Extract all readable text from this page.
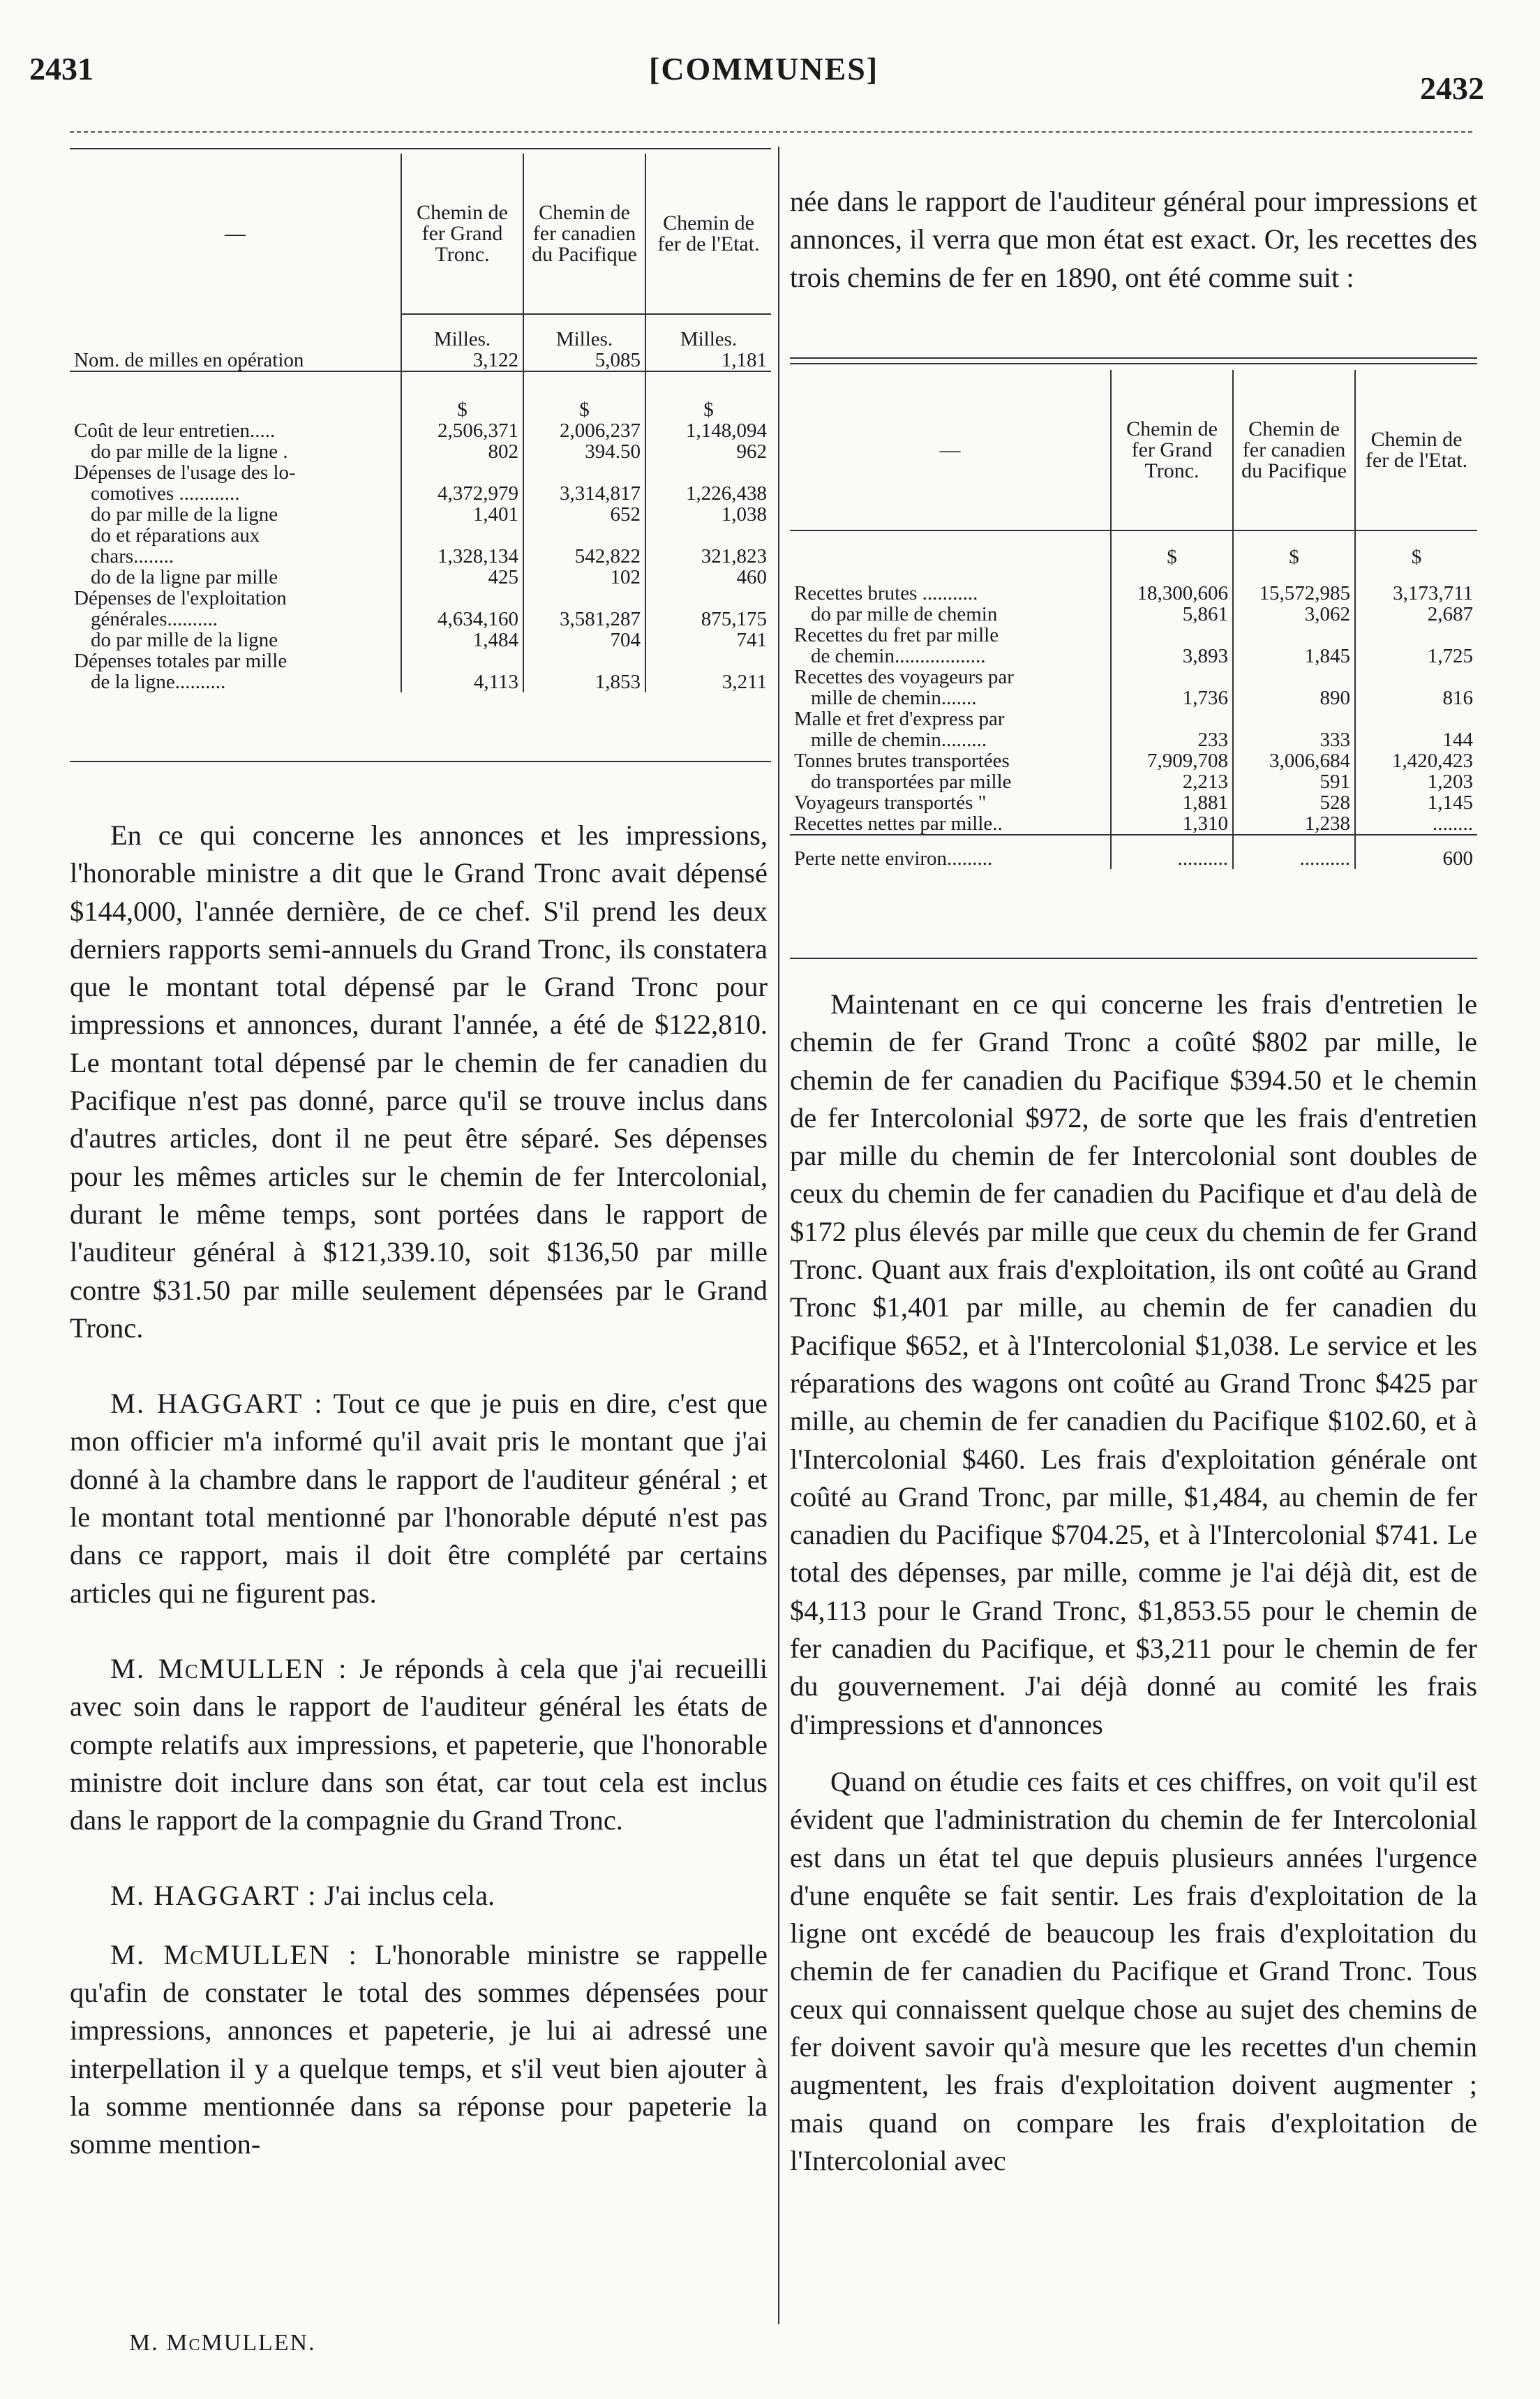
2431	[COMMUNES]
2432
—	Chemin de fer Grand Tronc.	Chemin de fer canadien du Pacifique	Chemin de fer de l'Etat.
	Milles.	Milles.	Milles.
Nom. de milles en opération	3,122	5,085	1,181
	$	$	$
Coût de leur entretien.....	2,506,371	2,006,237	1,148,094
do par mille de la ligne .	802	394.50	962
Dépenses de l'usage des lo-			
comotives ............	4,372,979	3,314,817	1,226,438
do par mille de la ligne	1,401	652	1,038
do et réparations aux			
chars........	1,328,134	542,822	321,823
do de la ligne par mille	425	102	460
Dépenses de l'exploitation			
générales..........	4,634,160	3,581,287	875,175
do par mille de la ligne	1,484	704	741
Dépenses totales par mille			
de la ligne..........	4,113	1,853	3,211

En ce qui concerne les annonces et les impressions, l'honorable ministre a dit que le Grand Tronc avait dépensé $144,000, l'année dernière, de ce chef. S'il prend les deux derniers rapports semi-annuels du Grand Tronc, ils constatera que le montant total dépensé par le Grand Tronc pour impressions et annonces, durant l'année, a été de $122,810. Le montant total dépensé par le chemin de fer canadien du Pacifique n'est pas donné, parce qu'il se trouve inclus dans d'autres articles, dont il ne peut être séparé. Ses dépenses pour les mêmes articles sur le chemin de fer Intercolonial, durant le même temps, sont portées dans le rapport de l'auditeur général à $121,339.10, soit $136,50 par mille contre $31.50 par mille seulement dépensées par le Grand Tronc.

M. HAGGART : Tout ce que je puis en dire, c'est que mon officier m'a informé qu'il avait pris le montant que j'ai donné à la chambre dans le rapport de l'auditeur général ; et le montant total mentionné par l'honorable député n'est pas dans ce rapport, mais il doit être complété par certains articles qui ne figurent pas.

M. McMULLEN : Je réponds à cela que j'ai recueilli avec soin dans le rapport de l'auditeur général les états de compte relatifs aux impressions, et papeterie, que l'honorable ministre doit inclure dans son état, car tout cela est inclus dans le rapport de la compagnie du Grand Tronc.

M. HAGGART : J'ai inclus cela.

M. McMULLEN : L'honorable ministre se rappelle qu'afin de constater le total des sommes dépensées pour impressions, annonces et papeterie, je lui ai adressé une interpellation il y a quelque temps, et s'il veut bien ajouter à la somme mentionnée dans sa réponse pour papeterie la somme mention-

née dans le rapport de l'auditeur général pour impressions et annonces, il verra que mon état est exact. Or, les recettes des trois chemins de fer en 1890, ont été comme suit :

—	Chemin de fer Grand Tronc.	Chemin de fer canadien du Pacifique	Chemin de fer de l'Etat.
	$	$	$
Recettes brutes ...........	18,300,606	15,572,985	3,173,711
do par mille de chemin	5,861	3,062	2,687
Recettes du fret par mille			
de chemin..................	3,893	1,845	1,725
Recettes des voyageurs par			
mille de chemin.......	1,736	890	816
Malle et fret d'express par			
mille de chemin.........	233	333	144
Tonnes brutes transportées	7,909,708	3,006,684	1,420,423
do transportées par mille	2,213	591	1,203
Voyageurs transportés "	1,881	528	1,145
Recettes nettes par mille..	1,310	1,238	........
Perte nette environ.........	..........	..........	600

Maintenant en ce qui concerne les frais d'entretien le chemin de fer Grand Tronc a coûté $802 par mille, le chemin de fer canadien du Pacifique $394.50 et le chemin de fer Intercolonial $972, de sorte que les frais d'entretien par mille du chemin de fer Intercolonial sont doubles de ceux du chemin de fer canadien du Pacifique et d'au delà de $172 plus élevés par mille que ceux du chemin de fer Grand Tronc. Quant aux frais d'exploitation, ils ont coûté au Grand Tronc $1,401 par mille, au chemin de fer canadien du Pacifique $652, et à l'Intercolonial $1,038. Le service et les réparations des wagons ont coûté au Grand Tronc $425 par mille, au chemin de fer canadien du Pacifique $102.60, et à l'Intercolonial $460. Les frais d'exploitation générale ont coûté au Grand Tronc, par mille, $1,484, au chemin de fer canadien du Pacifique $704.25, et à l'Intercolonial $741. Le total des dépenses, par mille, comme je l'ai déjà dit, est de $4,113 pour le Grand Tronc, $1,853.55 pour le chemin de fer canadien du Pacifique, et $3,211 pour le chemin de fer du gouvernement. J'ai déjà donné au comité les frais d'impressions et d'annonces

Quand on étudie ces faits et ces chiffres, on voit qu'il est évident que l'administration du chemin de fer Intercolonial est dans un état tel que depuis plusieurs années l'urgence d'une enquête se fait sentir. Les frais d'exploitation de la ligne ont excédé de beaucoup les frais d'exploitation du chemin de fer canadien du Pacifique et Grand Tronc. Tous ceux qui connaissent quelque chose au sujet des chemins de fer doivent savoir qu'à mesure que les recettes d'un chemin augmentent, les frais d'exploitation doivent augmenter ; mais quand on compare les frais d'exploitation de l'Intercolonial avec

M. McMULLEN.
